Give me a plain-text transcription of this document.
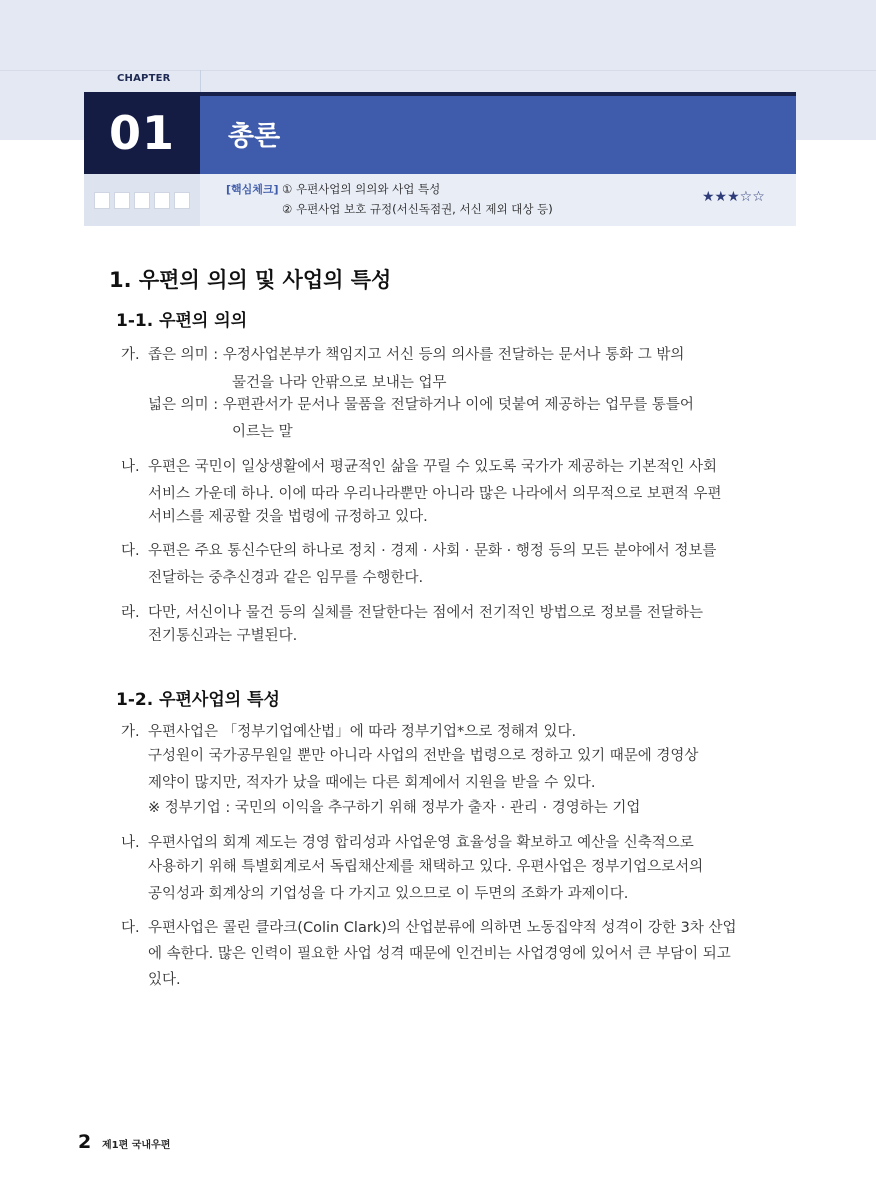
CHAPTER
01	총론
[핵심체크] ① 우편사업의 의의와 사업 특성
② 우편사업 보호 규정(서신독점권, 서신 제외 대상 등)
★★★☆☆
1. 우편의 의의 및 사업의 특성
1-1. 우편의 의의
가. 좁은 의미 : 우정사업본부가 책임지고 서신 등의 의사를 전달하는 문서나 통화 그 밖의
물건을 나라 안팎으로 보내는 업무
넓은 의미 : 우편관서가 문서나 물품을 전달하거나 이에 덧붙여 제공하는 업무를 통틀어
이르는 말
나. 우편은 국민이 일상생활에서 평균적인 삶을 꾸릴 수 있도록 국가가 제공하는 기본적인 사회
서비스 가운데 하나. 이에 따라 우리나라뿐만 아니라 많은 나라에서 의무적으로 보편적 우편
서비스를 제공할 것을 법령에 규정하고 있다.
다. 우편은 주요 통신수단의 하나로 정치 · 경제 · 사회 · 문화 · 행정 등의 모든 분야에서 정보를
전달하는 중추신경과 같은 임무를 수행한다.
라. 다만, 서신이나 물건 등의 실체를 전달한다는 점에서 전기적인 방법으로 정보를 전달하는
전기통신과는 구별된다.
1-2. 우편사업의 특성
가. 우편사업은 「정부기업예산법」에 따라 정부기업*으로 정해져 있다.
구성원이 국가공무원일 뿐만 아니라 사업의 전반을 법령으로 정하고 있기 때문에 경영상
제약이 많지만, 적자가 났을 때에는 다른 회계에서 지원을 받을 수 있다.
※ 정부기업 : 국민의 이익을 추구하기 위해 정부가 출자 · 관리 · 경영하는 기업
나. 우편사업의 회계 제도는 경영 합리성과 사업운영 효율성을 확보하고 예산을 신축적으로
사용하기 위해 특별회계로서 독립채산제를 채택하고 있다. 우편사업은 정부기업으로서의
공익성과 회계상의 기업성을 다 가지고 있으므로 이 두면의 조화가 과제이다.
다. 우편사업은 콜린 클라크(Colin Clark)의 산업분류에 의하면 노동집약적 성격이 강한 3차 산업
에 속한다. 많은 인력이 필요한 사업 성격 때문에 인건비는 사업경영에 있어서 큰 부담이 되고
있다.
2 제1편 국내우편
